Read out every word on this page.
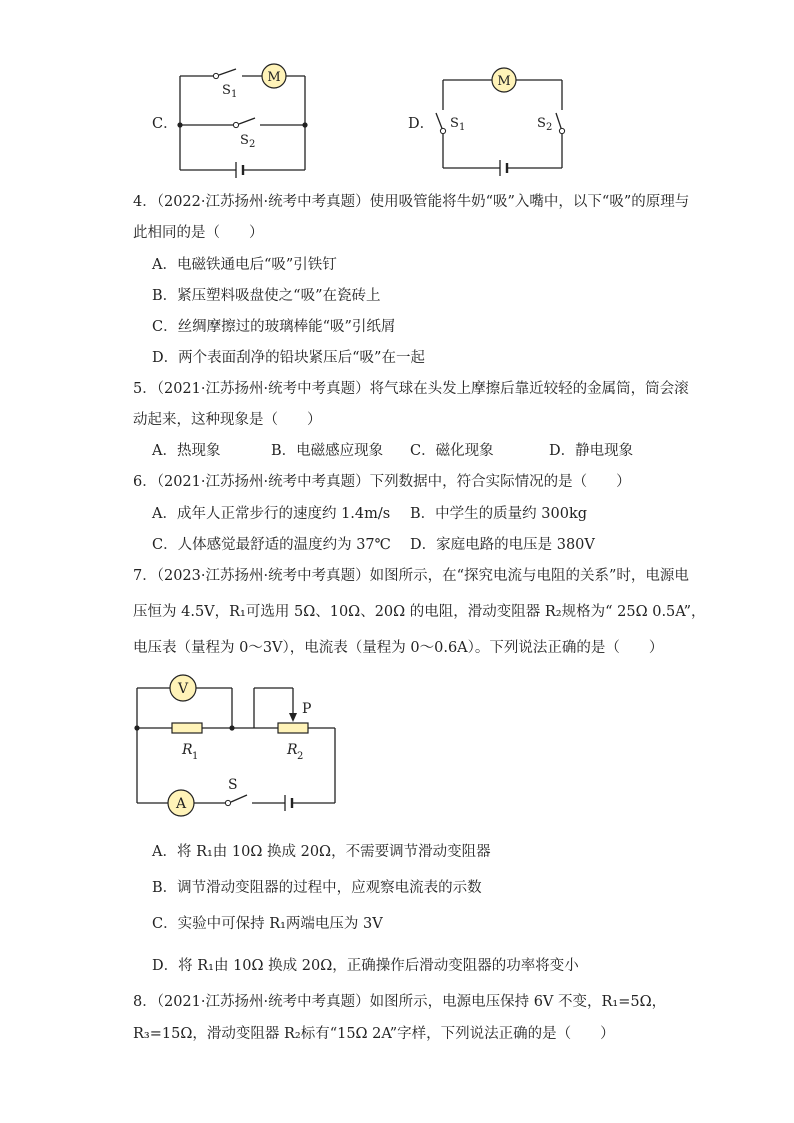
C．
M
S 1
S 2
D．
M
S 1	S 2
4．（2022·江苏扬州·统考中考真题）使用吸管能将牛奶“吸”入嘴中，以下“吸”的原理与
此相同的是（　　）
A．电磁铁通电后“吸”引铁钉
B．紧压塑料吸盘使之“吸”在瓷砖上
C．丝绸摩擦过的玻璃棒能“吸”引纸屑
D．两个表面刮净的铅块紧压后“吸”在一起
5．（2021·江苏扬州·统考中考真题）将气球在头发上摩擦后靠近较轻的金属筒，筒会滚
动起来，这种现象是（　　）
A．热现象	B．电磁感应现象 C．磁化现象	D．静电现象
6．（2021·江苏扬州·统考中考真题）下列数据中，符合实际情况的是（　　）
A．成年人正常步行的速度约 1.4m/s B．中学生的质量约 300kg
C．人体感觉最舒适的温度约为 37℃ D．家庭电路的电压是 380V
7．（2023·江苏扬州·统考中考真题）如图所示，在“探究电流与电阻的关系”时，电源电
压恒为 4.5V，R₁可选用 5Ω、10Ω、20Ω 的电阻，滑动变阻器 R₂规格为“ 25Ω 0.5A”，
电压表（量程为 0～3V），电流表（量程为 0～0.6A）。下列说法正确的是（　　）
V
A
P
S
R 1	R 2
A．将 R₁由 10Ω 换成 20Ω，不需要调节滑动变阻器
B．调节滑动变阻器的过程中，应观察电流表的示数
C．实验中可保持 R₁两端电压为 3V
D．将 R₁由 10Ω 换成 20Ω，正确操作后滑动变阻器的功率将变小
8．（2021·江苏扬州·统考中考真题）如图所示，电源电压保持 6V 不变，R₁=5Ω，
R₃=15Ω，滑动变阻器 R₂标有“15Ω 2A”字样，下列说法正确的是（　　）
